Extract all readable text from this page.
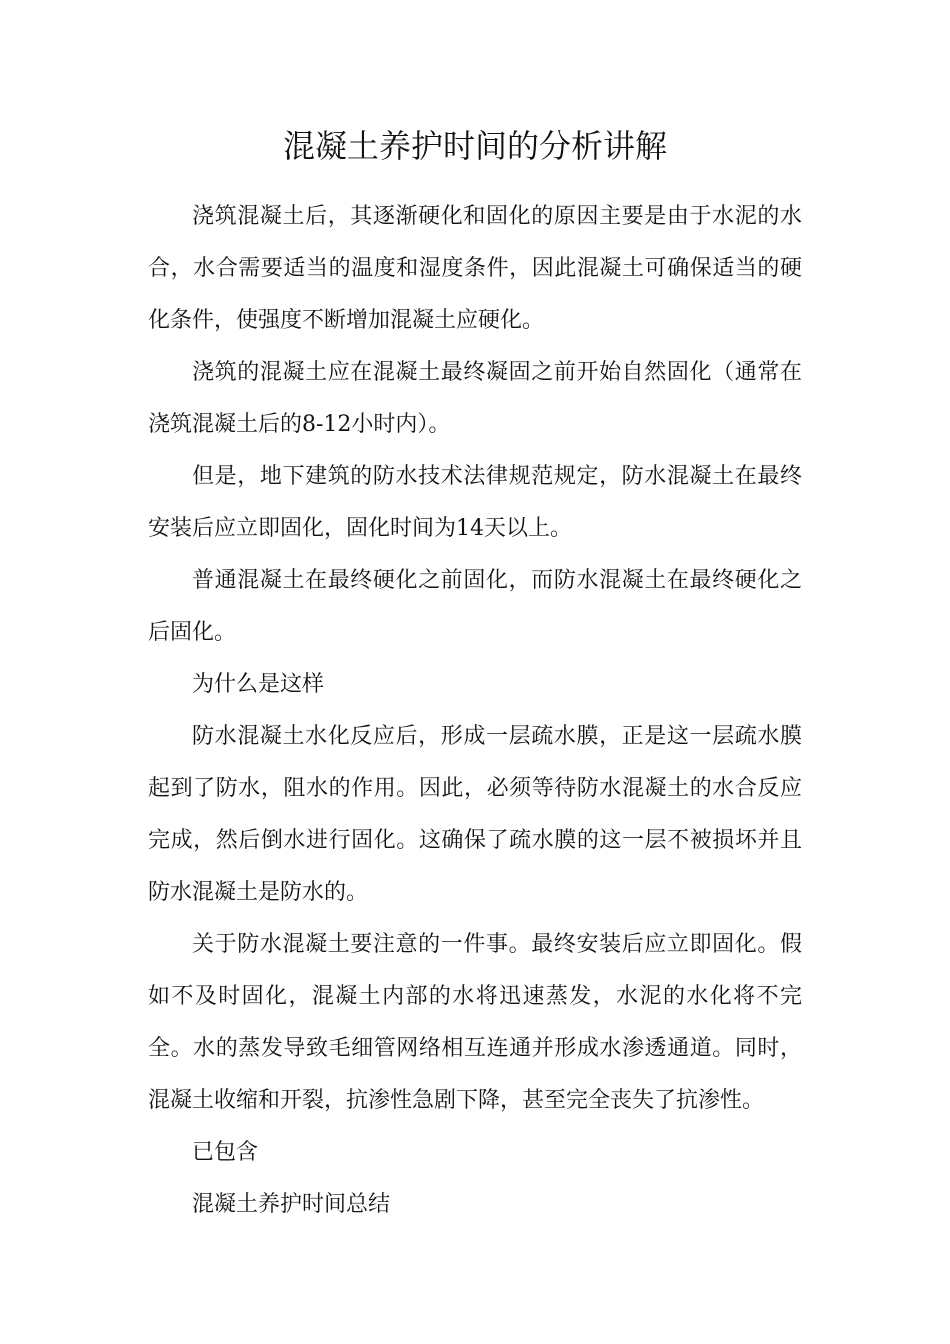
混凝土养护时间的分析讲解

浇筑混凝土后，其逐渐硬化和固化的原因主要是由于水泥的水合，水合需要适当的温度和湿度条件，因此混凝土可确保适当的硬化条件，使强度不断增加混凝土应硬化。

浇筑的混凝土应在混凝土最终凝固之前开始自然固化（通常在浇筑混凝土后的8-12小时内）。

但是，地下建筑的防水技术法律规范规定，防水混凝土在最终安装后应立即固化，固化时间为14天以上。

普通混凝土在最终硬化之前固化，而防水混凝土在最终硬化之后固化。

为什么是这样

防水混凝土水化反应后，形成一层疏水膜，正是这一层疏水膜起到了防水，阻水的作用。因此，必须等待防水混凝土的水合反应完成，然后倒水进行固化。这确保了疏水膜的这一层不被损坏并且防水混凝土是防水的。

关于防水混凝土要注意的一件事。最终安装后应立即固化。假如不及时固化，混凝土内部的水将迅速蒸发，水泥的水化将不完全。水的蒸发导致毛细管网络相互连通并形成水渗透通道。同时，混凝土收缩和开裂，抗渗性急剧下降，甚至完全丧失了抗渗性。

已包含

混凝土养护时间总结
